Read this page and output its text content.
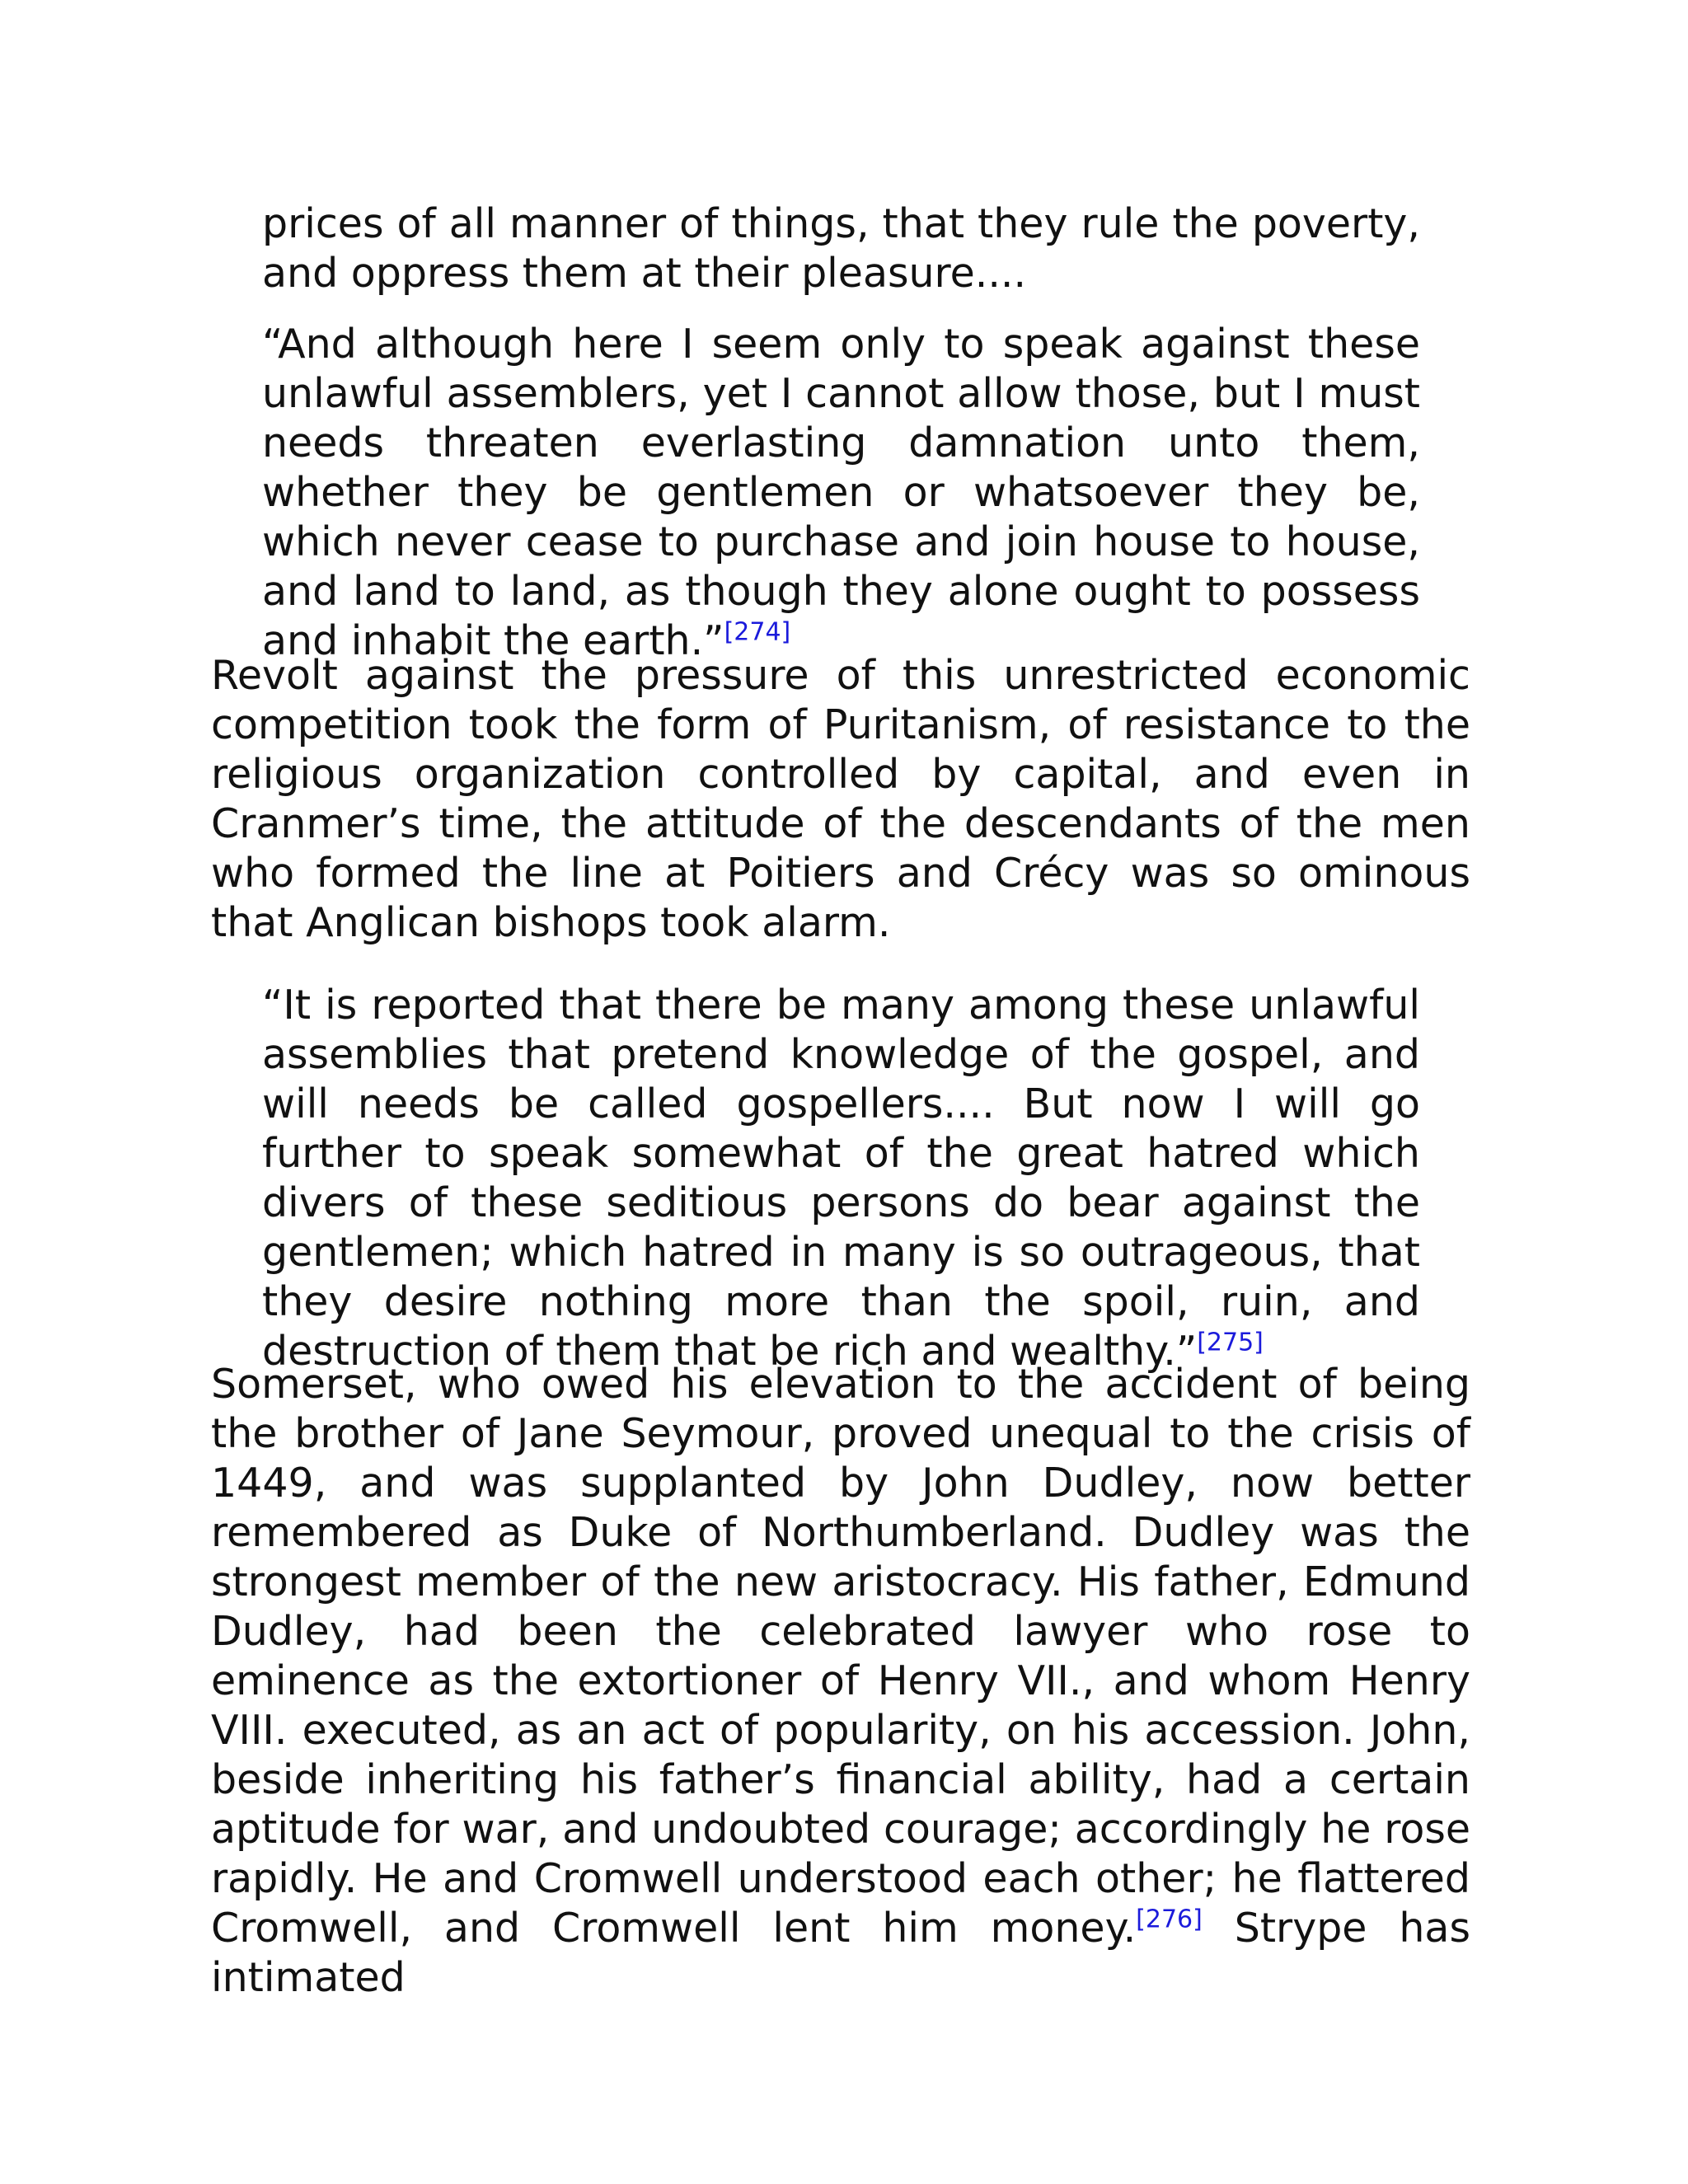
prices of all manner of things, that they rule the poverty, and oppress them at their pleasure....

“And although here I seem only to speak against these unlawful assemblers, yet I cannot allow those, but I must needs threaten everlasting damnation unto them, whether they be gentlemen or whatsoever they be, which never cease to purchase and join house to house, and land to land, as though they alone ought to possess and inhabit the earth.”[274]

Revolt against the pressure of this unrestricted economic competition took the form of Puritanism, of resistance to the religious organization controlled by capital, and even in Cranmer’s time, the attitude of the descendants of the men who formed the line at Poitiers and Crécy was so ominous that Anglican bishops took alarm.

“It is reported that there be many among these unlawful assemblies that pretend knowledge of the gospel, and will needs be called gospellers.... But now I will go further to speak somewhat of the great hatred which divers of these seditious persons do bear against the gentlemen; which hatred in many is so outrageous, that they desire nothing more than the spoil, ruin, and destruction of them that be rich and wealthy.”[275]

Somerset, who owed his elevation to the accident of being the brother of Jane Seymour, proved unequal to the crisis of 1449, and was supplanted by John Dudley, now better remembered as Duke of Northumberland. Dudley was the strongest member of the new aristocracy. His father, Edmund Dudley, had been the celebrated lawyer who rose to eminence as the extortioner of Henry VII., and whom Henry VIII. executed, as an act of popularity, on his accession. John, beside inheriting his father’s financial ability, had a certain aptitude for war, and undoubted courage; accordingly he rose rapidly. He and Cromwell understood each other; he flattered Cromwell, and Cromwell lent him money.[276] Strype has intimated
